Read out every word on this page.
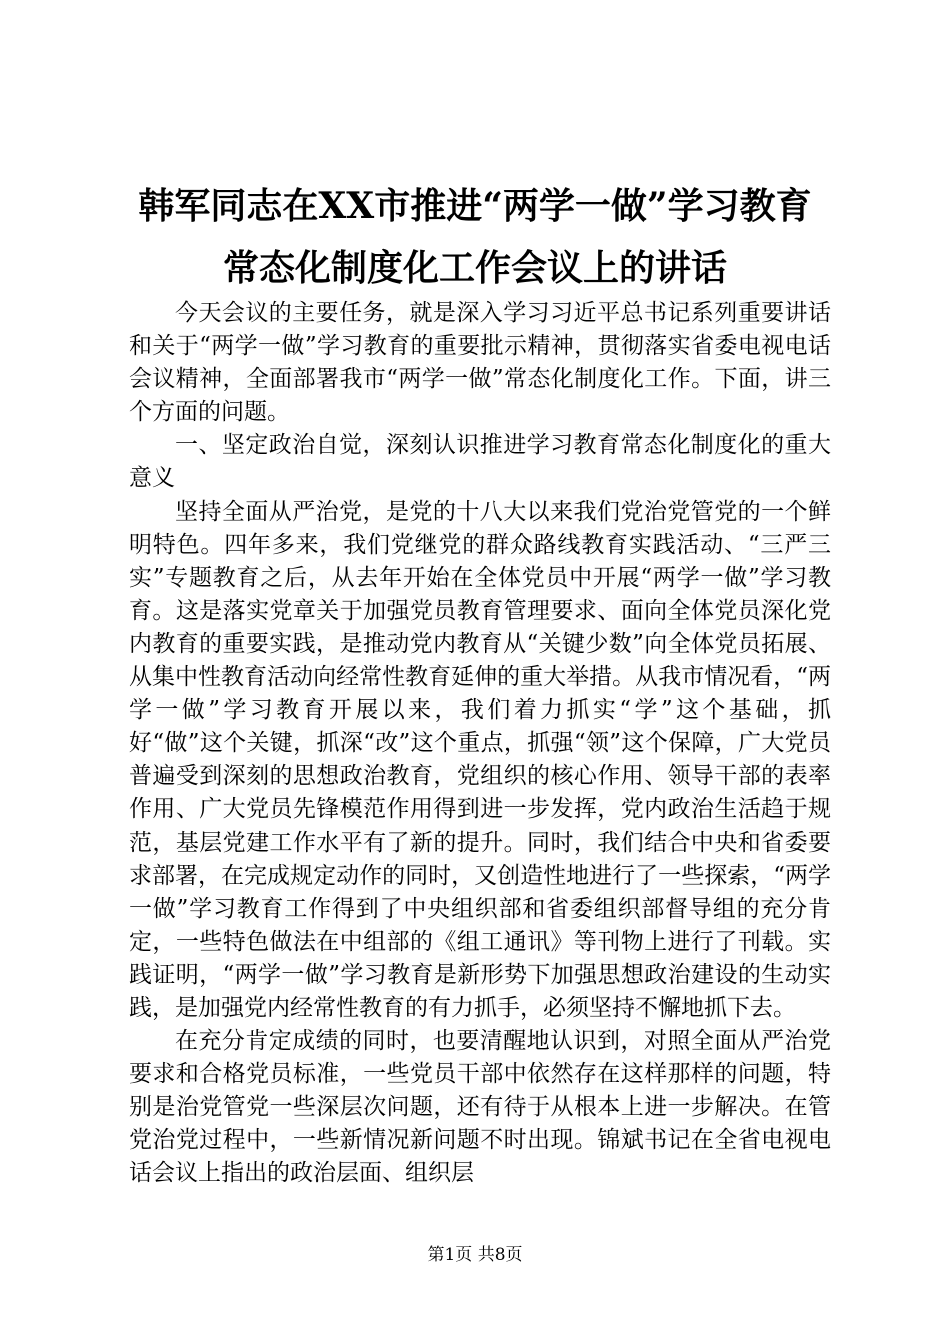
韩军同志在XX市推进“两学一做”学习教育
常态化制度化工作会议上的讲话

今天会议的主要任务，就是深入学习习近平总书记系列重要讲话和关于“两学一做”学习教育的重要批示精神，贯彻落实省委电视电话会议精神，全面部署我市“两学一做”常态化制度化工作。下面，讲三个方面的问题。

一、坚定政治自觉，深刻认识推进学习教育常态化制度化的重大意义

坚持全面从严治党，是党的十八大以来我们党治党管党的一个鲜明特色。四年多来，我们党继党的群众路线教育实践活动、“三严三实”专题教育之后，从去年开始在全体党员中开展“两学一做”学习教育。这是落实党章关于加强党员教育管理要求、面向全体党员深化党内教育的重要实践，是推动党内教育从“关键少数”向全体党员拓展、从集中性教育活动向经常性教育延伸的重大举措。从我市情况看，“两学一做”学习教育开展以来，我们着力抓实“学”这个基础，抓好“做”这个关键，抓深“改”这个重点，抓强“领”这个保障，广大党员普遍受到深刻的思想政治教育，党组织的核心作用、领导干部的表率作用、广大党员先锋模范作用得到进一步发挥，党内政治生活趋于规范，基层党建工作水平有了新的提升。同时，我们结合中央和省委要求部署，在完成规定动作的同时，又创造性地进行了一些探索，“两学一做”学习教育工作得到了中央组织部和省委组织部督导组的充分肯定，一些特色做法在中组部的《组工通讯》等刊物上进行了刊载。实践证明，“两学一做”学习教育是新形势下加强思想政治建设的生动实践，是加强党内经常性教育的有力抓手，必须坚持不懈地抓下去。

在充分肯定成绩的同时，也要清醒地认识到，对照全面从严治党要求和合格党员标准，一些党员干部中依然存在这样那样的问题，特别是治党管党一些深层次问题，还有待于从根本上进一步解决。在管党治党过程中，一些新情况新问题不时出现。锦斌书记在全省电视电话会议上指出的政治层面、组织层

第1页 共8页
